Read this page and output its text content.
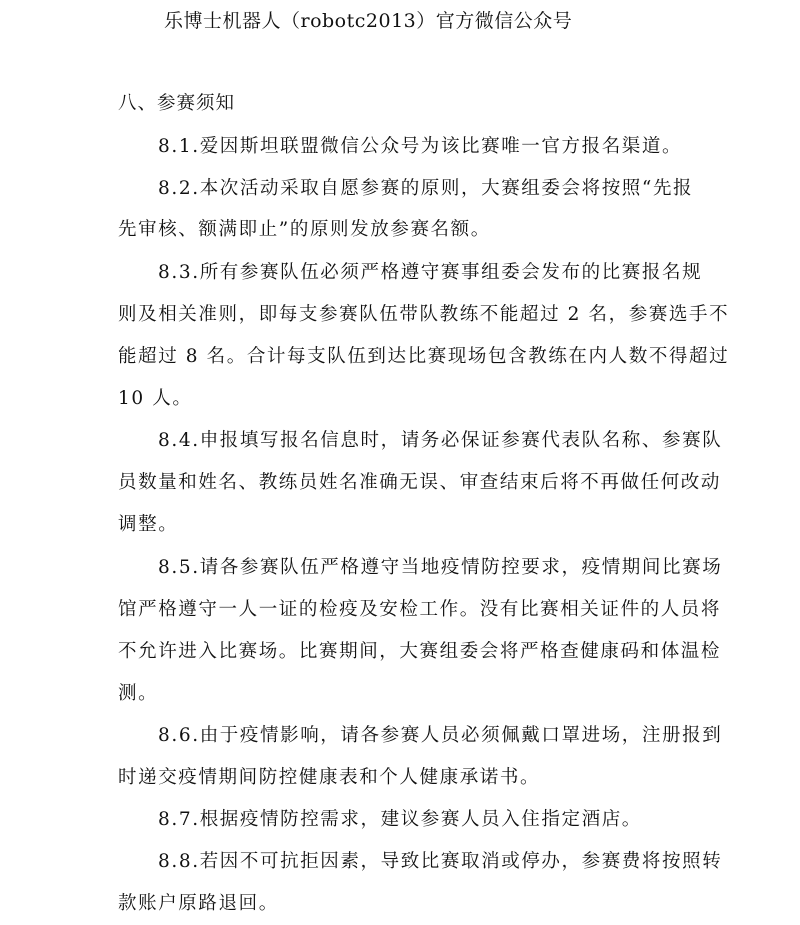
乐博士机器人（robotc2013）官方微信公众号
八、参赛须知
8.1.爱因斯坦联盟微信公众号为该比赛唯一官方报名渠道。
8.2.本次活动采取自愿参赛的原则，大赛组委会将按照“先报
先审核、额满即止”的原则发放参赛名额。
8.3.所有参赛队伍必须严格遵守赛事组委会发布的比赛报名规
则及相关准则，即每支参赛队伍带队教练不能超过 2 名，参赛选手不
能超过 8 名。合计每支队伍到达比赛现场包含教练在内人数不得超过
10 人。
8.4.申报填写报名信息时，请务必保证参赛代表队名称、参赛队
员数量和姓名、教练员姓名准确无误、审查结束后将不再做任何改动
调整。
8.5.请各参赛队伍严格遵守当地疫情防控要求，疫情期间比赛场
馆严格遵守一人一证的检疫及安检工作。没有比赛相关证件的人员将
不允许进入比赛场。比赛期间，大赛组委会将严格查健康码和体温检
测。
8.6.由于疫情影响，请各参赛人员必须佩戴口罩进场，注册报到
时递交疫情期间防控健康表和个人健康承诺书。
8.7.根据疫情防控需求，建议参赛人员入住指定酒店。
8.8.若因不可抗拒因素，导致比赛取消或停办，参赛费将按照转
款账户原路退回。
